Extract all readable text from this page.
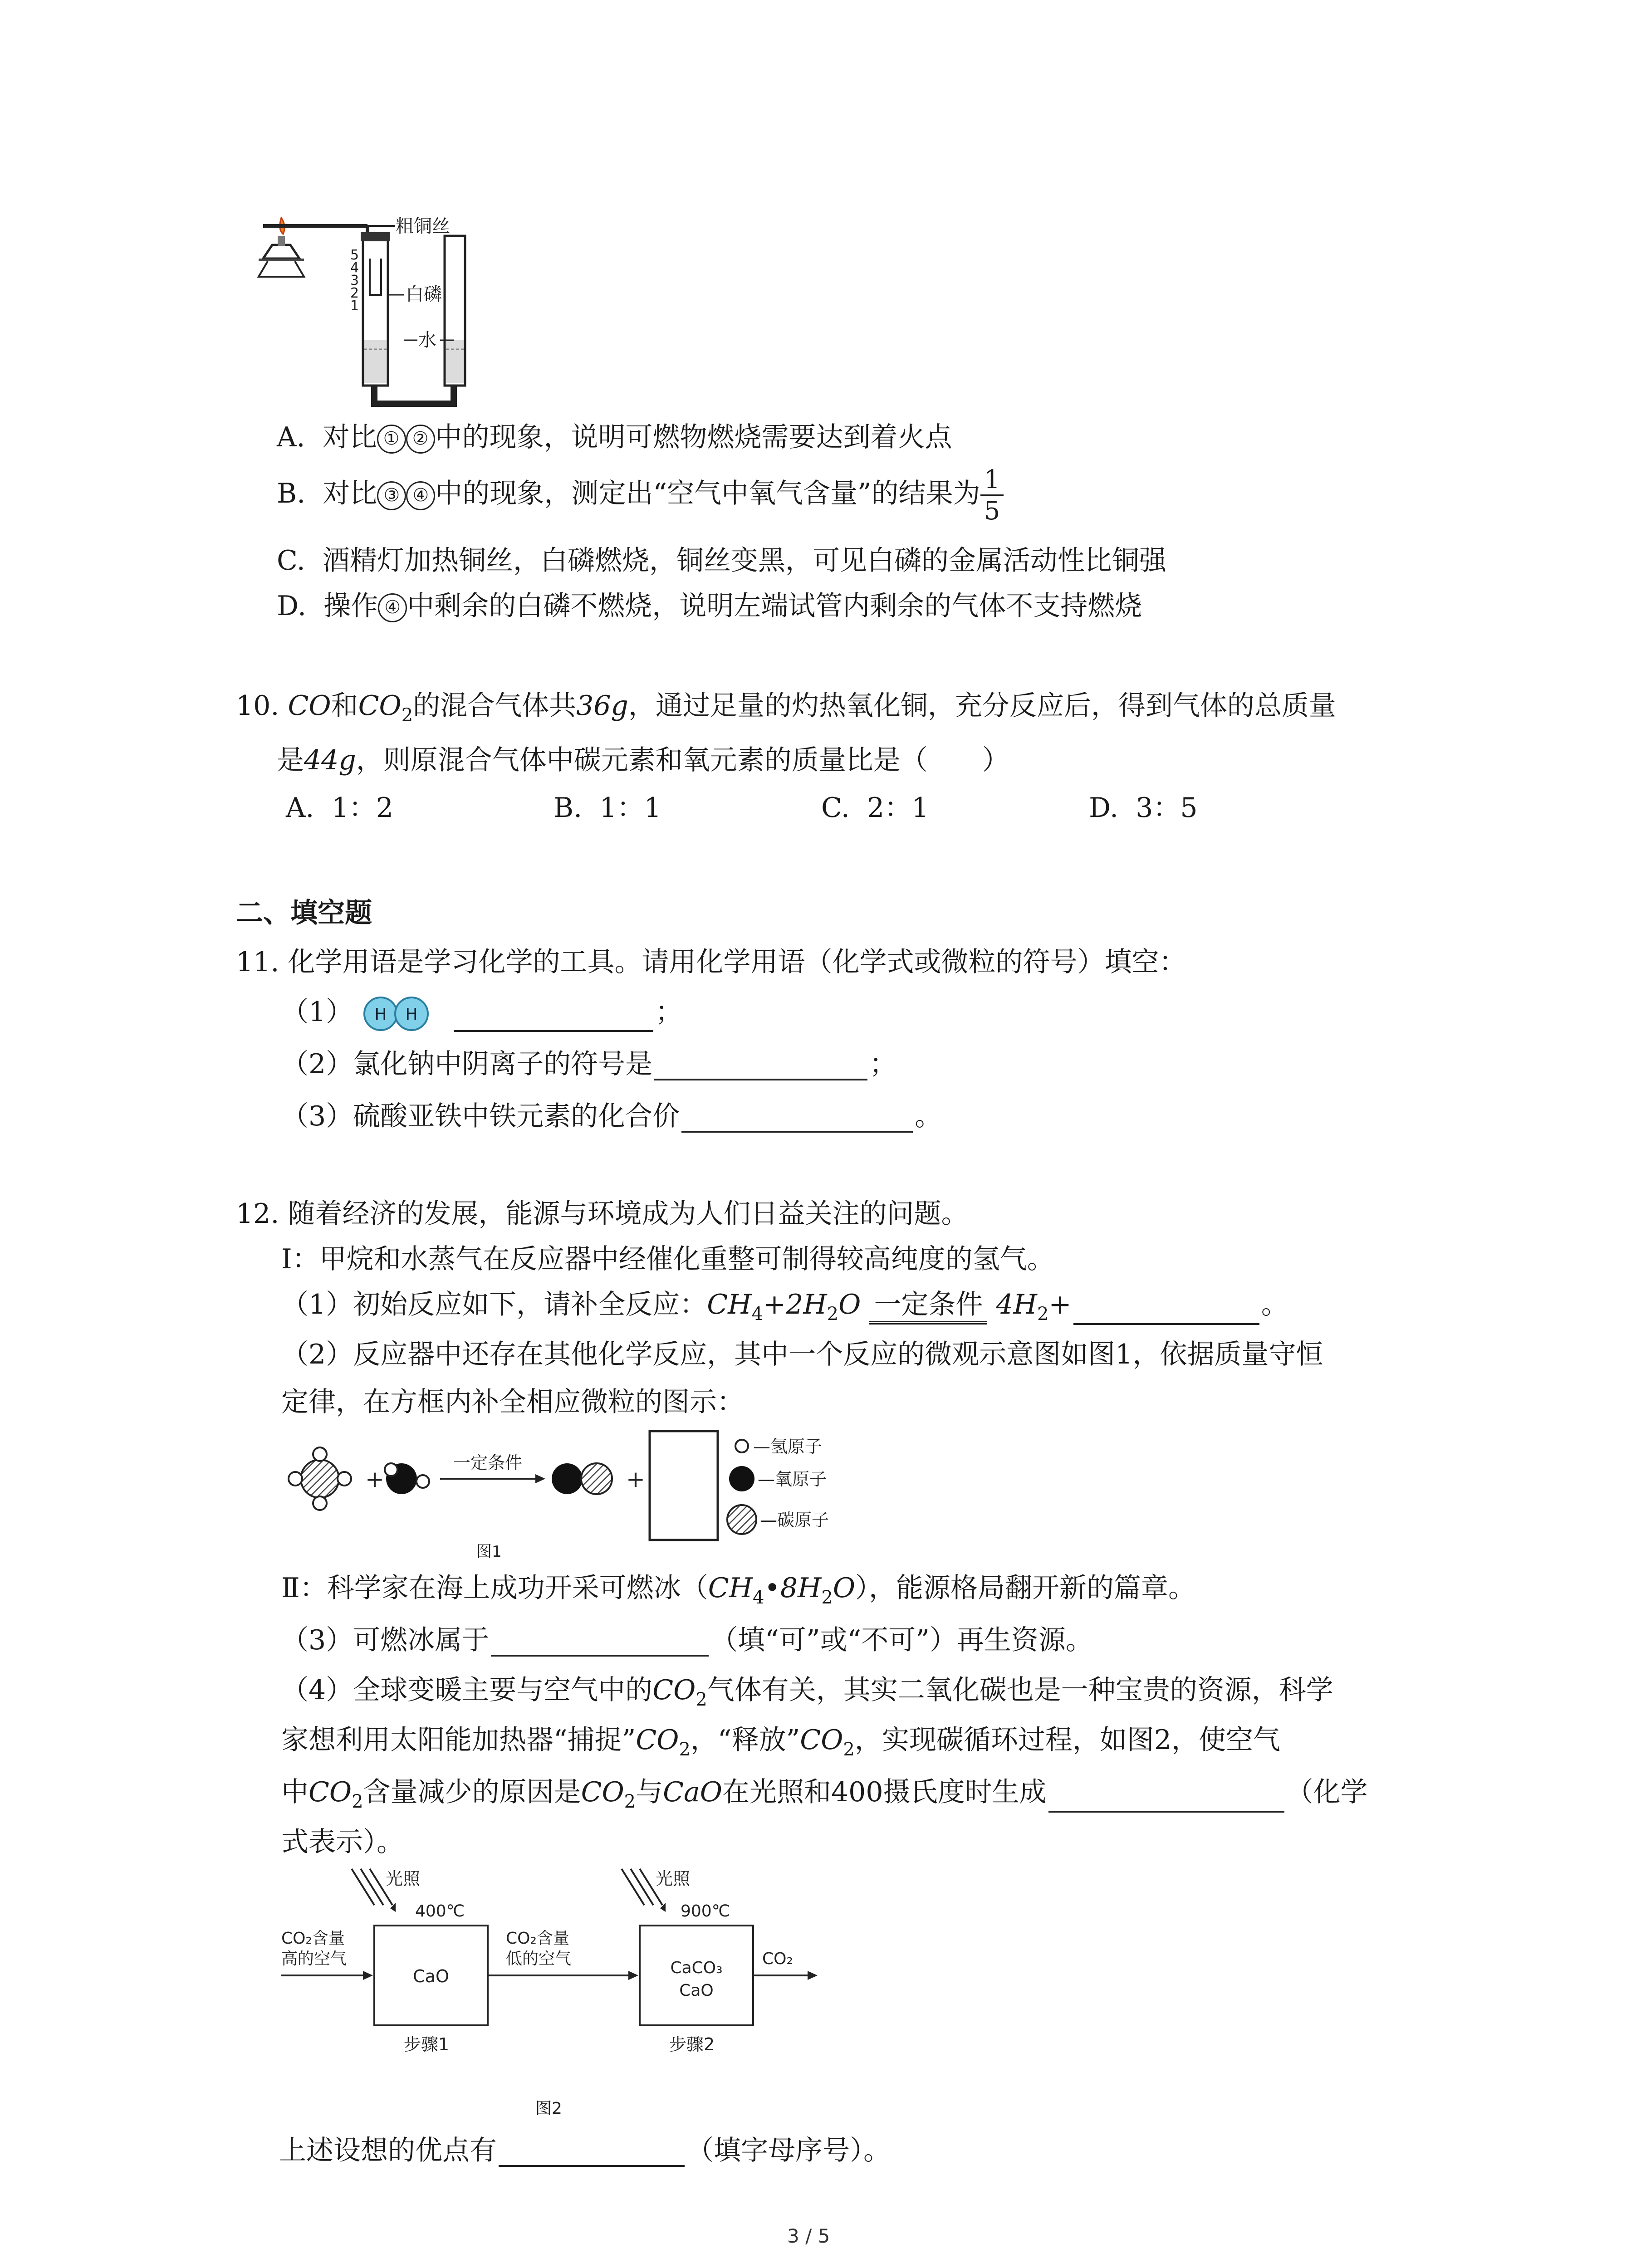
5
4
3
2
1
粗铜丝
白磷
水
A. 对比 ① ② 中的现象，说明可燃物燃烧需要达到着火点
B. 对比 ③ ④ 中的现象，测定出“空气中氧气含量”的结果为 $\frac{1}{5}$
C. 酒精灯加热铜丝，白磷燃烧，铜丝变黑，可见白磷的金属活动性比铜强
D. 操作 ④ 中剩余的白磷不燃烧，说明左端试管内剩余的气体不支持燃烧
10. CO和$CO_2$的混合气体共36g，通过足量的灼热氧化铜，充分反应后，得到气体的总质量
是44g，则原混合气体中碳元素和氧元素的质量比是（　　）
A. 1：2	B. 1：1	C. 2：1	D. 3：5
二、填空题
11. 化学用语是学习化学的工具。请用化学用语（化学式或微粒的符号）填空：
（1） H H	；
（2）氯化钠中阴离子的符号是	；
（3）硫酸亚铁中铁元素的化合价	。
12. 随着经济的发展，能源与环境成为人们日益关注的问题。
Ⅰ：甲烷和水蒸气在反应器中经催化重整可制得较高纯度的氢气。
（1）初始反应如下，请补全反应：$CH_4+2H_2O$ 一定条件 $4H_2+$	。
（2）反应器中还存在其他化学反应，其中一个反应的微观示意图如图1，依据质量守恒
定律，在方框内补全相应微粒的图示：
+
一定条件
+
—氢原子
—氧原子
—碳原子
图1
Ⅱ：科学家在海上成功开采可燃冰$(CH_4•8H_2O)$，能源格局翻开新的篇章。
（3）可燃冰属于	（填“可”或“不可”）再生资源。
（4）全球变暖主要与空气中的$CO_2$气体有关，其实二氧化碳也是一种宝贵的资源，科学
家想利用太阳能加热器“捕捉$”CO_2$，“释放$”CO_2$，实现碳循环过程，如图2，使空气
中$CO_2$含量减少的原因是$CO_2$与CaO在光照和400摄氏度时生成	（化学
式表示）。
光照
400℃
CO₂含量
高的空气
CaO
步骤1
CO₂含量
低的空气
光照
900℃
CaCO₃
CaO
步骤2
CO₂
图2
上述设想的优点有	（填字母序号）。
3 / 5
